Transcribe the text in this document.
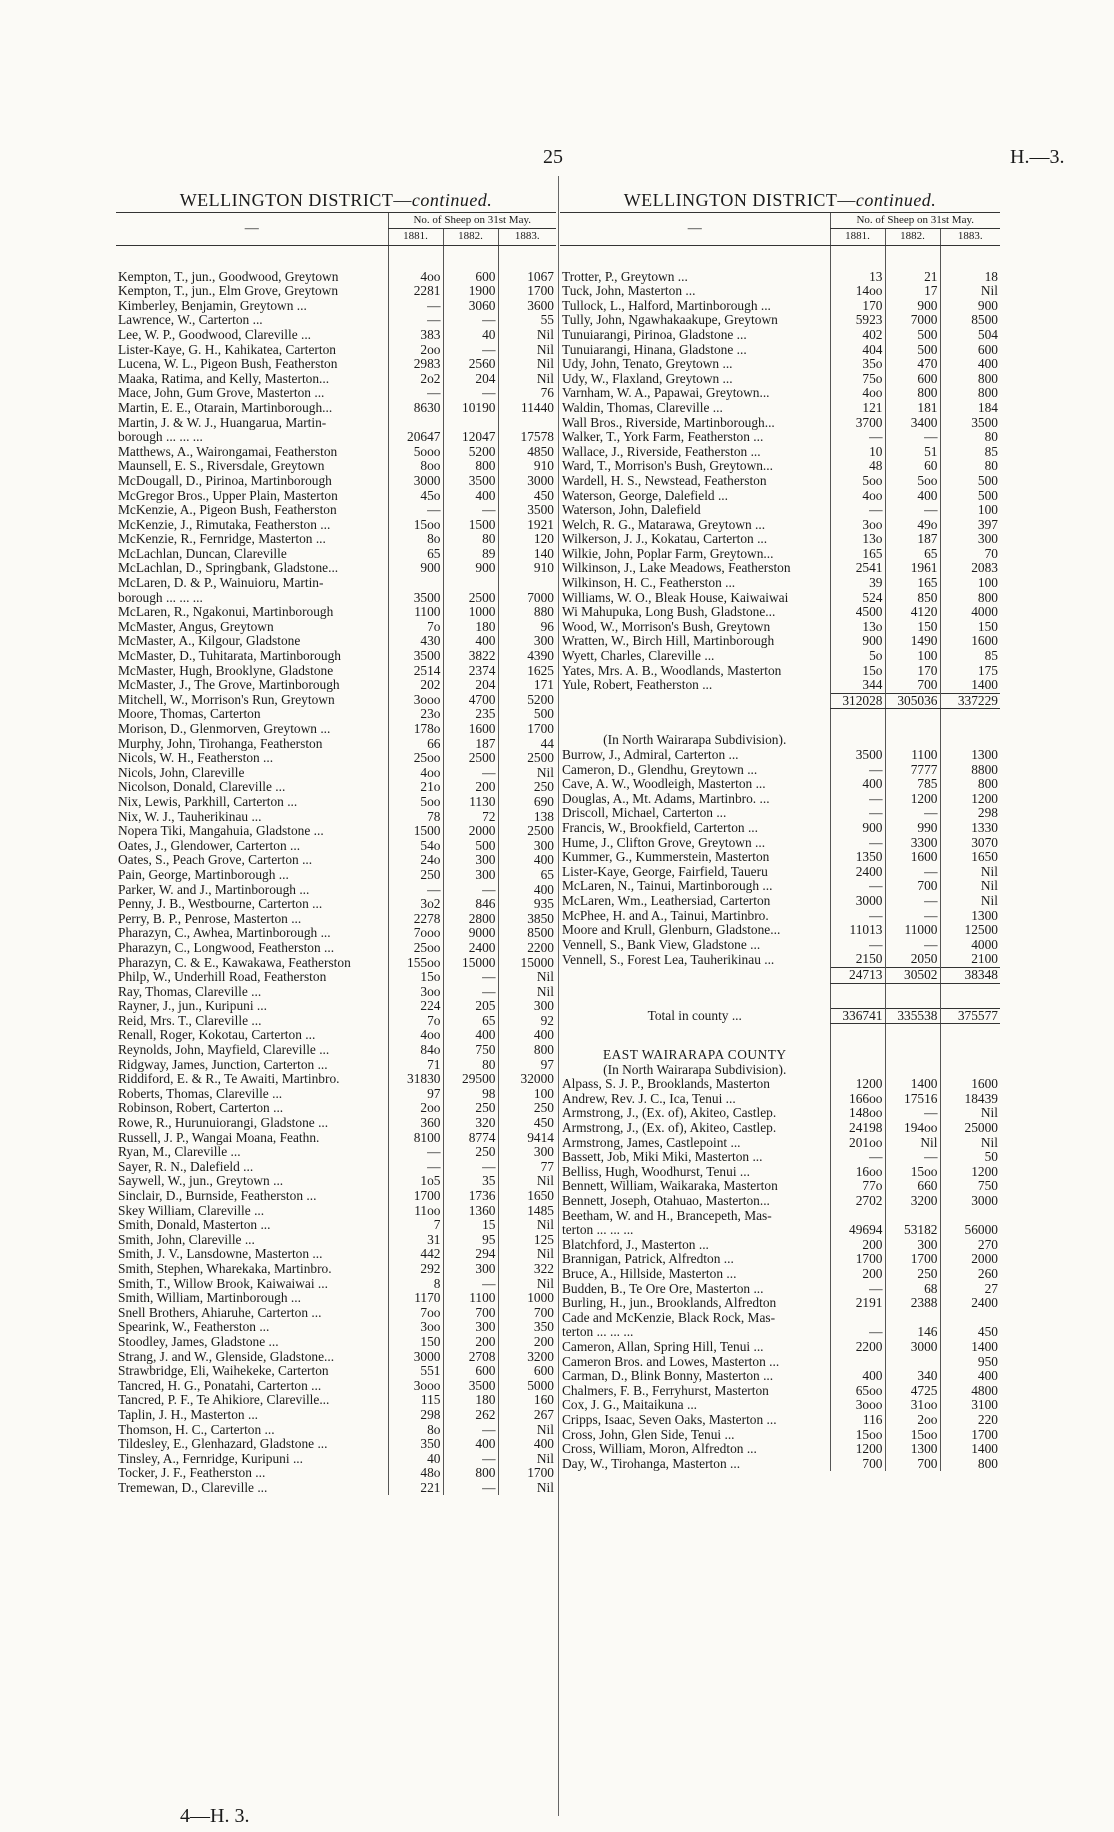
25	H.—3.
WELLINGTON DISTRICT—continued.			
—	No. of Sheep on 31st May.		
	1881.	1882.	1883.

Kempton, T., jun., Goodwood, Greytown	4oo	600	1067
Kempton, T., jun., Elm Grove, Greytown	2281	1900	1700
Kimberley, Benjamin, Greytown ...	—	3060	3600
Lawrence, W., Carterton ...	—	—	55
Lee, W. P., Goodwood, Clareville ...	383	40	Nil
Lister-Kaye, G. H., Kahikatea, Carterton	2oo	—	Nil
Lucena, W. L., Pigeon Bush, Featherston	2983	2560	Nil
Maaka, Ratima, and Kelly, Masterton...	2o2	204	Nil
Mace, John, Gum Grove, Masterton ...	—	—	76
Martin, E. E., Otarain, Martinborough...	8630	10190	11440
Martin, J. & W. J., Huangarua, Martin-			
borough ... ... ...	20647	12047	17578
Matthews, A., Wairongamai, Featherston	5ooo	5200	4850
Maunsell, E. S., Riversdale, Greytown	8oo	800	910
McDougall, D., Pirinoa, Martinborough	3000	3500	3000
McGregor Bros., Upper Plain, Masterton	45o	400	450
McKenzie, A., Pigeon Bush, Featherston	—	—	3500
McKenzie, J., Rimutaka, Featherston ...	15oo	1500	1921
McKenzie, R., Fernridge, Masterton ...	8o	80	120
McLachlan, Duncan, Clareville	65	89	140
McLachlan, D., Springbank, Gladstone...	900	900	910
McLaren, D. & P., Wainuioru, Martin-			
borough ... ... ...	3500	2500	7000
McLaren, R., Ngakonui, Martinborough	1100	1000	880
McMaster, Angus, Greytown	7o	180	96
McMaster, A., Kilgour, Gladstone	430	400	300
McMaster, D., Tuhitarata, Martinborough	3500	3822	4390
McMaster, Hugh, Brooklyne, Gladstone	2514	2374	1625
McMaster, J., The Grove, Martinborough	202	204	171
Mitchell, W., Morrison's Run, Greytown	3ooo	4700	5200
Moore, Thomas, Carterton	23o	235	500
Morison, D., Glenmorven, Greytown ...	178o	1600	1700
Murphy, John, Tirohanga, Featherston	66	187	44
Nicols, W. H., Featherston ...	25oo	2500	2500
Nicols, John, Clareville	4oo	—	Nil
Nicolson, Donald, Clareville ...	21o	200	250
Nix, Lewis, Parkhill, Carterton ...	5oo	1130	690
Nix, W. J., Tauherikinau ...	78	72	138
Nopera Tiki, Mangahuia, Gladstone ...	1500	2000	2500
Oates, J., Glendower, Carterton ...	54o	500	300
Oates, S., Peach Grove, Carterton ...	24o	300	400
Pain, George, Martinborough ...	250	300	65
Parker, W. and J., Martinborough ...	—	—	400
Penny, J. B., Westbourne, Carterton ...	3o2	846	935
Perry, B. P., Penrose, Masterton ...	2278	2800	3850
Pharazyn, C., Awhea, Martinborough ...	7ooo	9000	8500
Pharazyn, C., Longwood, Featherston ...	25oo	2400	2200
Pharazyn, C. & E., Kawakawa, Featherston	155oo	15000	15000
Philp, W., Underhill Road, Featherston	15o	—	Nil
Ray, Thomas, Clareville ...	3oo	—	Nil
Rayner, J., jun., Kuripuni ...	224	205	300
Reid, Mrs. T., Clareville ...	7o	65	92
Renall, Roger, Kokotau, Carterton ...	4oo	400	400
Reynolds, John, Mayfield, Clareville ...	84o	750	800
Ridgway, James, Junction, Carterton ...	71	80	97
Riddiford, E. & R., Te Awaiti, Martinbro.	31830	29500	32000
Roberts, Thomas, Clareville ...	97	98	100
Robinson, Robert, Carterton ...	2oo	250	250
Rowe, R., Hurunuiorangi, Gladstone ...	360	320	450
Russell, J. P., Wangai Moana, Feathn.	8100	8774	9414
Ryan, M., Clareville ...	—	250	300
Sayer, R. N., Dalefield ...	—	—	77
Saywell, W., jun., Greytown ...	1o5	35	Nil
Sinclair, D., Burnside, Featherston ...	1700	1736	1650
Skey William, Clareville ...	11oo	1360	1485
Smith, Donald, Masterton ...	7	15	Nil
Smith, John, Clareville ...	31	95	125
Smith, J. V., Lansdowne, Masterton ...	442	294	Nil
Smith, Stephen, Wharekaka, Martinbro.	292	300	322
Smith, T., Willow Brook, Kaiwaiwai ...	8	—	Nil
Smith, William, Martinborough ...	1170	1100	1000
Snell Brothers, Ahiaruhe, Carterton ...	7oo	700	700
Spearink, W., Featherston ...	3oo	300	350
Stoodley, James, Gladstone ...	150	200	200
Strang, J. and W., Glenside, Gladstone...	3000	2708	3200
Strawbridge, Eli, Waihekeke, Carterton	551	600	600
Tancred, H. G., Ponatahi, Carterton ...	3ooo	3500	5000
Tancred, P. F., Te Ahikiore, Clareville...	115	180	160
Taplin, J. H., Masterton ...	298	262	267
Thomson, H. C., Carterton ...	8o	—	Nil
Tildesley, E., Glenhazard, Gladstone ...	350	400	400
Tinsley, A., Fernridge, Kuripuni ...	40	—	Nil
Tocker, J. F., Featherston ...	48o	800	1700
Tremewan, D., Clareville ...	221	—	Nil
WELLINGTON DISTRICT—continued.			
—	No. of Sheep on 31st May.		
	1881.	1882.	1883.

Trotter, P., Greytown ...	13	21	18
Tuck, John, Masterton ...	14oo	17	Nil
Tullock, L., Halford, Martinborough ...	170	900	900
Tully, John, Ngawhakaakupe, Greytown	5923	7000	8500
Tunuiarangi, Pirinoa, Gladstone ...	402	500	504
Tunuiarangi, Hinana, Gladstone ...	404	500	600
Udy, John, Tenato, Greytown ...	35o	470	400
Udy, W., Flaxland, Greytown ...	75o	600	800
Varnham, W. A., Papawai, Greytown...	4oo	800	800
Waldin, Thomas, Clareville ...	121	181	184
Wall Bros., Riverside, Martinborough...	3700	3400	3500
Walker, T., York Farm, Featherston ...	—	—	80
Wallace, J., Riverside, Featherston ...	10	51	85
Ward, T., Morrison's Bush, Greytown...	48	60	80
Wardell, H. S., Newstead, Featherston	5oo	5oo	500
Waterson, George, Dalefield ...	4oo	400	500
Waterson, John, Dalefield	—	—	100
Welch, R. G., Matarawa, Greytown ...	3oo	49o	397
Wilkerson, J. J., Kokatau, Carterton ...	13o	187	300
Wilkie, John, Poplar Farm, Greytown...	165	65	70
Wilkinson, J., Lake Meadows, Featherston	2541	1961	2083
Wilkinson, H. C., Featherston ...	39	165	100
Williams, W. O., Bleak House, Kaiwaiwai	524	850	800
Wi Mahupuka, Long Bush, Gladstone...	4500	4120	4000
Wood, W., Morrison's Bush, Greytown	13o	150	150
Wratten, W., Birch Hill, Martinborough	900	1490	1600
Wyett, Charles, Clareville ...	5o	100	85
Yates, Mrs. A. B., Woodlands, Masterton	15o	170	175
Yule, Robert, Featherston ...	344	700	1400
	312028	305036	337229

(In North Wairarapa Subdivision).			
Burrow, J., Admiral, Carterton ...	3500	1100	1300
Cameron, D., Glendhu, Greytown ...	—	7777	8800
Cave, A. W., Woodleigh, Masterton ...	400	785	800
Douglas, A., Mt. Adams, Martinbro. ...	—	1200	1200
Driscoll, Michael, Carterton ...	—	—	298
Francis, W., Brookfield, Carterton ...	900	990	1330
Hume, J., Clifton Grove, Greytown ...	—	3300	3070
Kummer, G., Kummerstein, Masterton	1350	1600	1650
Lister-Kaye, George, Fairfield, Taueru	2400	—	Nil
McLaren, N., Tainui, Martinborough ...	—	700	Nil
McLaren, Wm., Leathersiad, Carterton	3000	—	Nil
McPhee, H. and A., Tainui, Martinbro.	—	—	1300
Moore and Krull, Glenburn, Gladstone...	11013	11000	12500
Vennell, S., Bank View, Gladstone ...	—	—	4000
Vennell, S., Forest Lea, Tauherikinau ...	2150	2050	2100
	24713	30502	38348

Total in county ...	336741	335538	375577

EAST WAIRARAPA COUNTY			
(In North Wairarapa Subdivision).			
Alpass, S. J. P., Brooklands, Masterton	1200	1400	1600
Andrew, Rev. J. C., Ica, Tenui ...	166oo	17516	18439
Armstrong, J., (Ex. of), Akiteo, Castlep.	148oo	—	Nil
Armstrong, J., (Ex. of), Akiteo, Castlep.	24198	194oo	25000
Armstrong, James, Castlepoint ...	201oo	Nil	Nil
Bassett, Job, Miki Miki, Masterton ...	—	—	50
Belliss, Hugh, Woodhurst, Tenui ...	16oo	15oo	1200
Bennett, William, Waikaraka, Masterton	77o	660	750
Bennett, Joseph, Otahuao, Masterton...	2702	3200	3000
Beetham, W. and H., Brancepeth, Mas-			
terton ... ... ...	49694	53182	56000
Blatchford, J., Masterton ...	200	300	270
Brannigan, Patrick, Alfredton ...	1700	1700	2000
Bruce, A., Hillside, Masterton ...	200	250	260
Budden, B., Te Ore Ore, Masterton ...	—	68	27
Burling, H., jun., Brooklands, Alfredton	2191	2388	2400
Cade and McKenzie, Black Rock, Mas-			
terton ... ... ...	—	146	450
Cameron, Allan, Spring Hill, Tenui ...	2200	3000	1400
Cameron Bros. and Lowes, Masterton ...			950
Carman, D., Blink Bonny, Masterton ...	400	340	400
Chalmers, F. B., Ferryhurst, Masterton	65oo	4725	4800
Cox, J. G., Maitaikuna ...	3ooo	31oo	3100
Cripps, Isaac, Seven Oaks, Masterton ...	116	2oo	220
Cross, John, Glen Side, Tenui ...	15oo	15oo	1700
Cross, William, Moron, Alfredton ...	1200	1300	1400
Day, W., Tirohanga, Masterton ...	700	700	800
4—H. 3.
